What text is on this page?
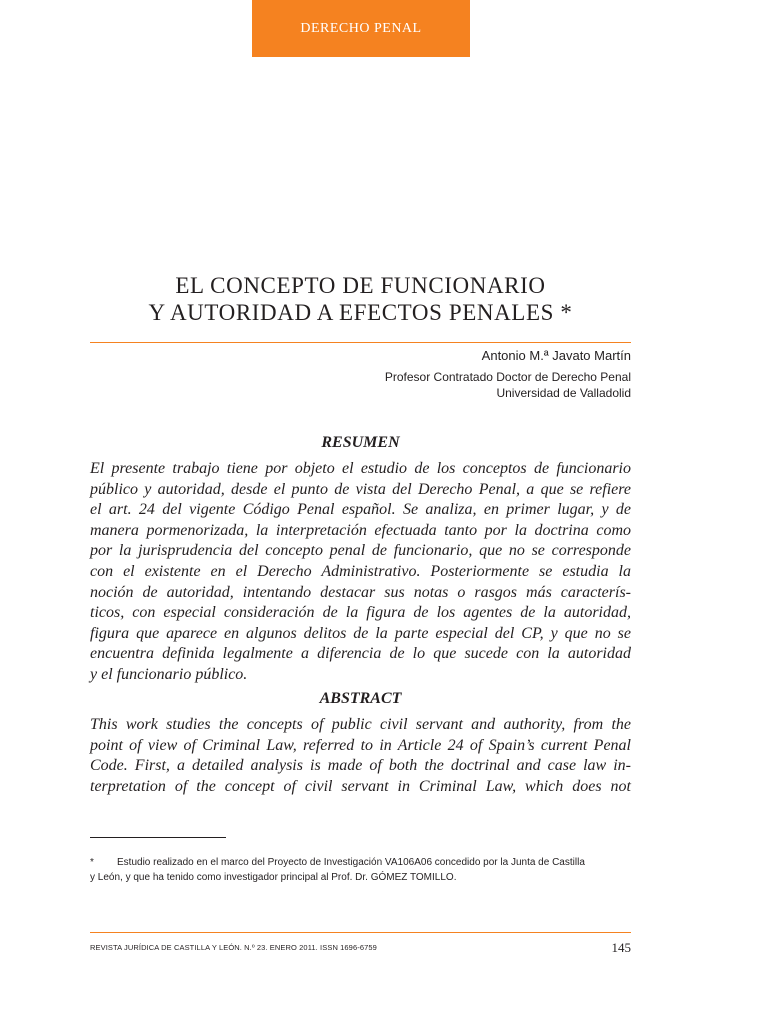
DERECHO PENAL
EL CONCEPTO DE FUNCIONARIO
Y AUTORIDAD A EFECTOS PENALES *
Antonio M.ª Javato Martín
Profesor Contratado Doctor de Derecho Penal
Universidad de Valladolid
RESUMEN
El presente trabajo tiene por objeto el estudio de los conceptos de funcionario
público y autoridad, desde el punto de vista del Derecho Penal, a que se refiere
el art. 24 del vigente Código Penal español. Se analiza, en primer lugar, y de
manera pormenorizada, la interpretación efectuada tanto por la doctrina como
por la jurisprudencia del concepto penal de funcionario, que no se corresponde
con el existente en el Derecho Administrativo. Posteriormente se estudia la
noción de autoridad, intentando destacar sus notas o rasgos más caracterís-
ticos, con especial consideración de la figura de los agentes de la autoridad,
figura que aparece en algunos delitos de la parte especial del CP, y que no se
encuentra definida legalmente a diferencia de lo que sucede con la autoridad
y el funcionario público.
ABSTRACT
This work studies the concepts of public civil servant and authority, from the
point of view of Criminal Law, referred to in Article 24 of Spain’s current Penal
Code. First, a detailed analysis is made of both the doctrinal and case law in-
terpretation of the concept of civil servant in Criminal Law, which does not
* Estudio realizado en el marco del Proyecto de Investigación VA106A06 concedido por la Junta de Castilla
y León, y que ha tenido como investigador principal al Prof. Dr. GÓMEZ TOMILLO.
REVISTA JURÍDICA DE CASTILLA Y LEÓN. N.º 23. ENERO 2011. ISSN 1696-6759	145
